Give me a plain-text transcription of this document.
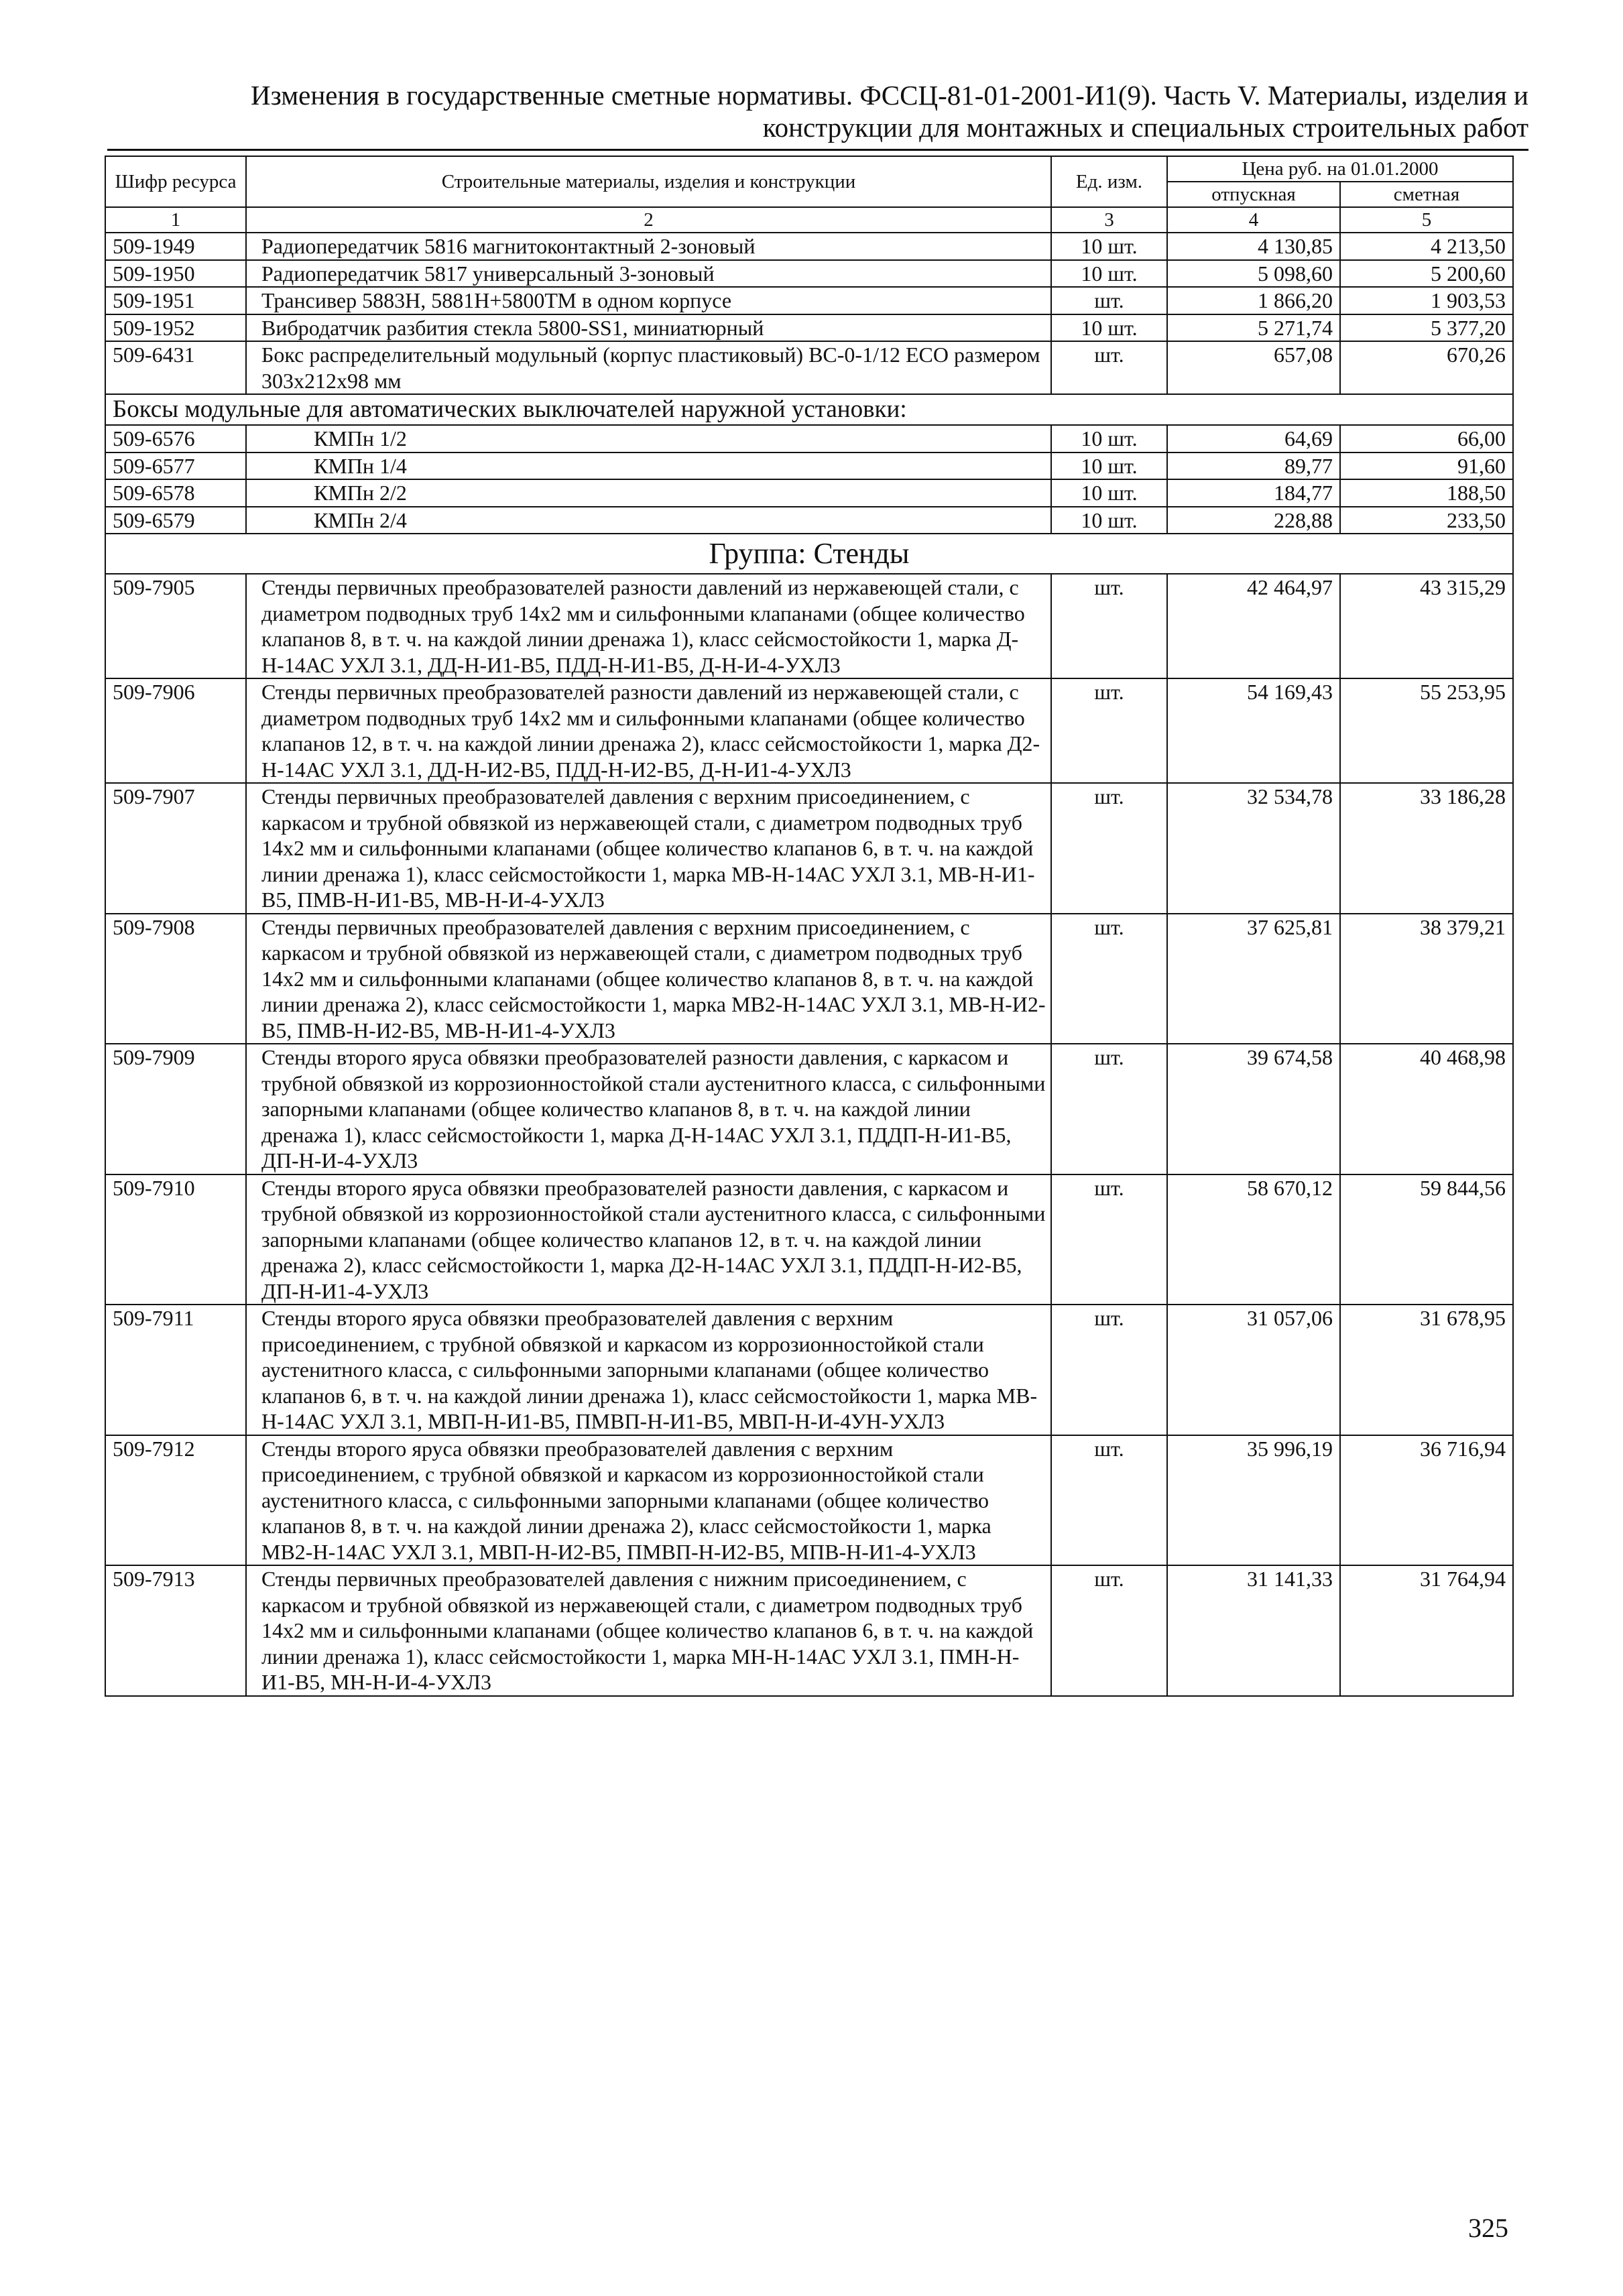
Изменения в государственные сметные нормативы. ФССЦ-81-01-2001-И1(9). Часть V. Материалы, изделия и
конструкции для монтажных и специальных строительных работ
Шифр ресурса	Строительные материалы, изделия и конструкции	Ед. изм.	Цена руб. на 01.01.2000	
			отпускная	сметная
1	2	3	4	5
509-1949	Радиопередатчик 5816 магнитоконтактный 2-зоновый	10 шт.	4 130,85	4 213,50
509-1950	Радиопередатчик 5817 универсальный 3-зоновый	10 шт.	5 098,60	5 200,60
509-1951	Трансивер 5883Н, 5881Н+5800ТМ в одном корпусе	шт.	1 866,20	1 903,53
509-1952	Вибродатчик разбития стекла 5800-SS1, миниатюрный	10 шт.	5 271,74	5 377,20
509-6431	Бокс распределительный модульный (корпус пластиковый) ВС-0-1/12 ЕСО размером 303х212х98 мм	шт.	657,08	670,26
Боксы модульные для автоматических выключателей наружной установки:				
509-6576	КМПн 1/2	10 шт.	64,69	66,00
509-6577	КМПн 1/4	10 шт.	89,77	91,60
509-6578	КМПн 2/2	10 шт.	184,77	188,50
509-6579	КМПн 2/4	10 шт.	228,88	233,50
Группа: Стенды				
509-7905	Стенды первичных преобразователей разности давлений из нержавеющей стали, с диаметром подводных труб 14х2 мм и сильфонными клапанами (общее количество клапанов 8, в т. ч. на каждой линии дренажа 1), класс сейсмостойкости 1, марка Д-Н-14АС УХЛ 3.1, ДД-Н-И1-В5, ПДД-Н-И1-В5, Д-Н-И-4-УХЛ3	шт.	42 464,97	43 315,29
509-7906	Стенды первичных преобразователей разности давлений из нержавеющей стали, с диаметром подводных труб 14х2 мм и сильфонными клапанами (общее количество клапанов 12, в т. ч. на каждой линии дренажа 2), класс сейсмостойкости 1, марка Д2-Н-14АС УХЛ 3.1, ДД-Н-И2-В5, ПДД-Н-И2-В5, Д-Н-И1-4-УХЛ3	шт.	54 169,43	55 253,95
509-7907	Стенды первичных преобразователей давления с верхним присоединением, с каркасом и трубной обвязкой из нержавеющей стали, с диаметром подводных труб 14х2 мм и сильфонными клапанами (общее количество клапанов 6, в т. ч. на каждой линии дренажа 1), класс сейсмостойкости 1, марка МВ-Н-14АС УХЛ 3.1, МВ-Н-И1-В5, ПМВ-Н-И1-В5, МВ-Н-И-4-УХЛ3	шт.	32 534,78	33 186,28
509-7908	Стенды первичных преобразователей давления с верхним присоединением, с каркасом и трубной обвязкой из нержавеющей стали, с диаметром подводных труб 14х2 мм и сильфонными клапанами (общее количество клапанов 8, в т. ч. на каждой линии дренажа 2), класс сейсмостойкости 1, марка МВ2-Н-14АС УХЛ 3.1, МВ-Н-И2-В5, ПМВ-Н-И2-В5, МВ-Н-И1-4-УХЛ3	шт.	37 625,81	38 379,21
509-7909	Стенды второго яруса обвязки преобразователей разности давления, с каркасом и трубной обвязкой из коррозионностойкой стали аустенитного класса, с сильфонными запорными клапанами (общее количество клапанов 8, в т. ч. на каждой линии дренажа 1), класс сейсмостойкости 1, марка Д-Н-14АС УХЛ 3.1, ПДДП-Н-И1-В5, ДП-Н-И-4-УХЛ3	шт.	39 674,58	40 468,98
509-7910	Стенды второго яруса обвязки преобразователей разности давления, с каркасом и трубной обвязкой из коррозионностойкой стали аустенитного класса, с сильфонными запорными клапанами (общее количество клапанов 12, в т. ч. на каждой линии дренажа 2), класс сейсмостойкости 1, марка Д2-Н-14АС УХЛ 3.1, ПДДП-Н-И2-В5, ДП-Н-И1-4-УХЛ3	шт.	58 670,12	59 844,56
509-7911	Стенды второго яруса обвязки преобразователей давления с верхним присоединением, с трубной обвязкой и каркасом из коррозионностойкой стали аустенитного класса, с сильфонными запорными клапанами (общее количество клапанов 6, в т. ч. на каждой линии дренажа 1), класс сейсмостойкости 1, марка МВ-Н-14АС УХЛ 3.1, МВП-Н-И1-В5, ПМВП-Н-И1-В5, МВП-Н-И-4УН-УХЛ3	шт.	31 057,06	31 678,95
509-7912	Стенды второго яруса обвязки преобразователей давления с верхним присоединением, с трубной обвязкой и каркасом из коррозионностойкой стали аустенитного класса, с сильфонными запорными клапанами (общее количество клапанов 8, в т. ч. на каждой линии дренажа 2), класс сейсмостойкости 1, марка МВ2-Н-14АС УХЛ 3.1, МВП-Н-И2-В5, ПМВП-Н-И2-В5, МПВ-Н-И1-4-УХЛ3	шт.	35 996,19	36 716,94
509-7913	Стенды первичных преобразователей давления с нижним присоединением, с каркасом и трубной обвязкой из нержавеющей стали, с диаметром подводных труб 14х2 мм и сильфонными клапанами (общее количество клапанов 6, в т. ч. на каждой линии дренажа 1), класс сейсмостойкости 1, марка МН-Н-14АС УХЛ 3.1, ПМН-Н-И1-В5, МН-Н-И-4-УХЛ3	шт.	31 141,33	31 764,94
325
